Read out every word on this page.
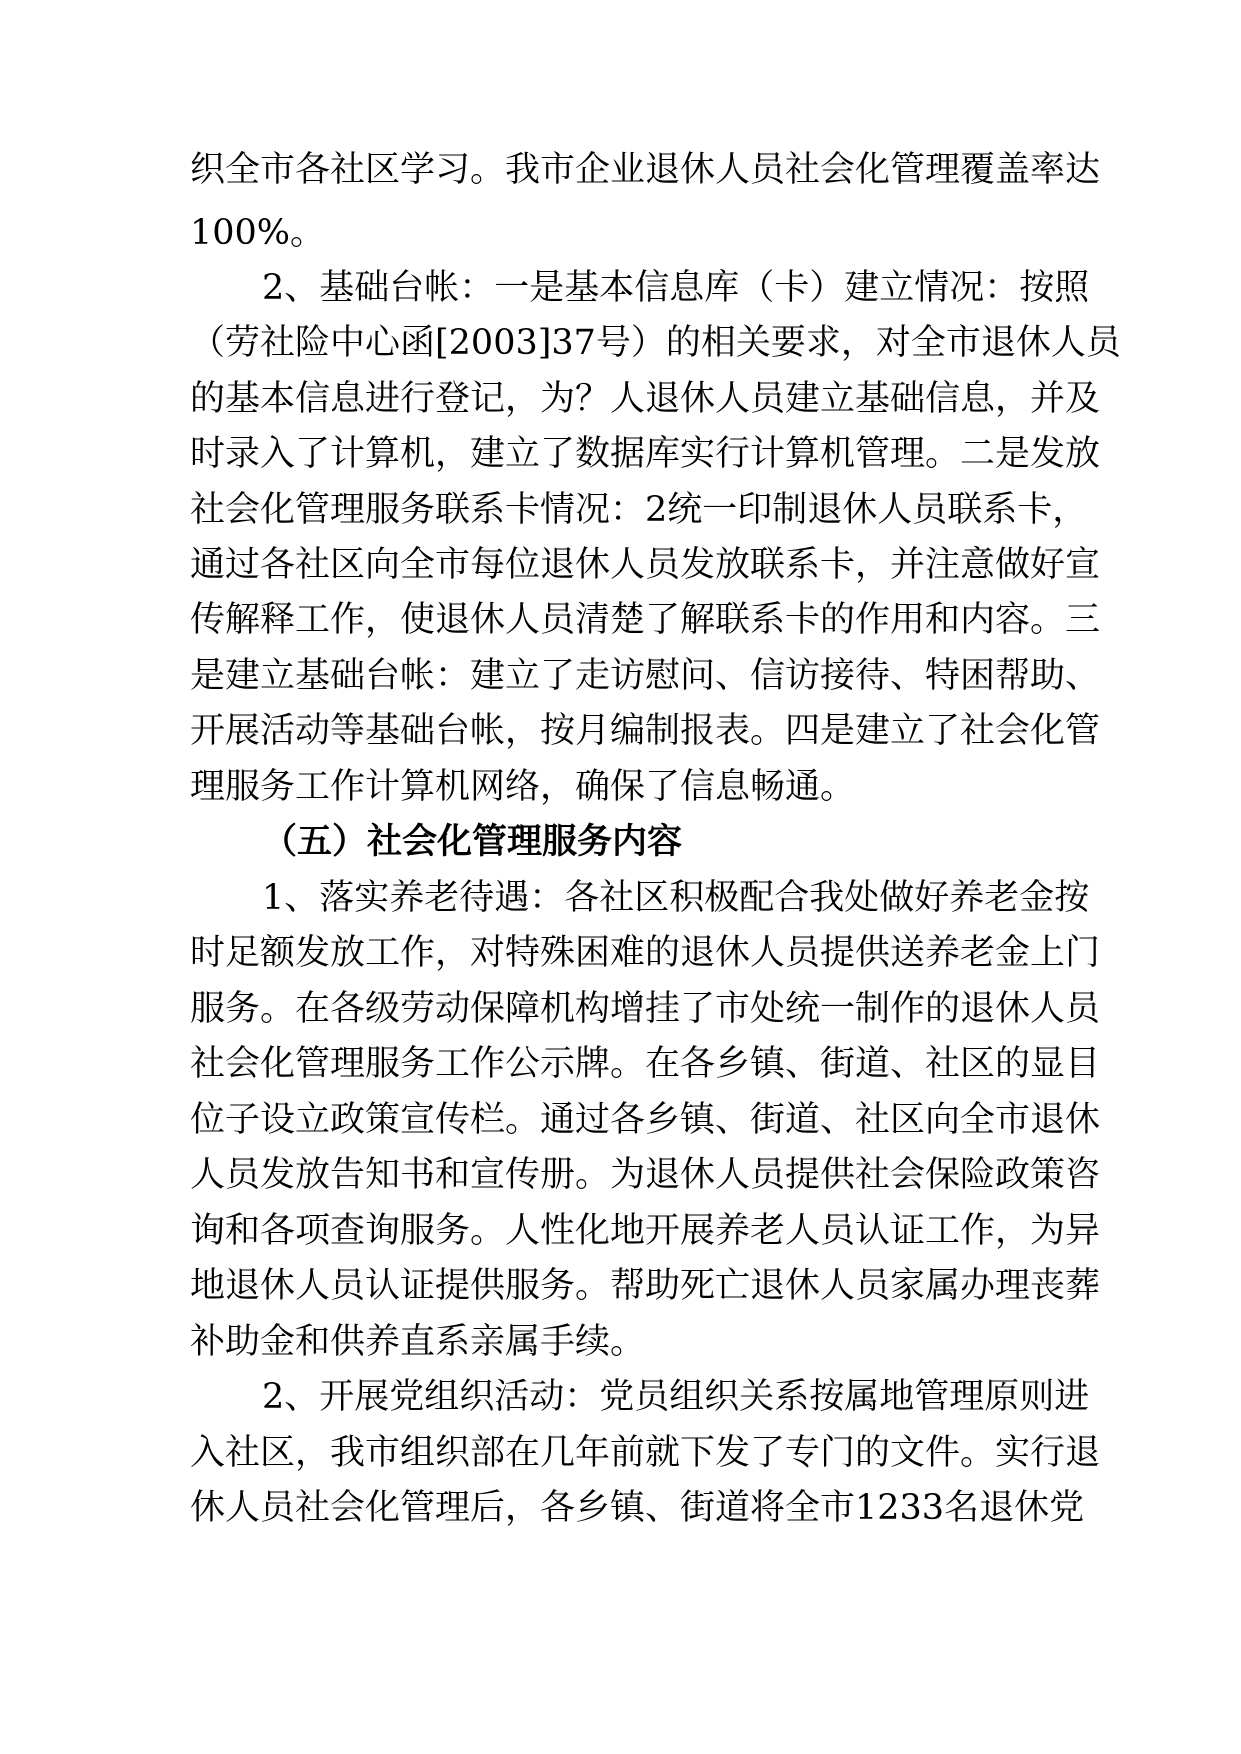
织全市各社区学习。我市企业退休人员社会化管理覆盖率达
100%。
2、基础台帐：一是基本信息库（卡）建立情况：按照
（劳社险中心函[2003]37号）的相关要求，对全市退休人员
的基本信息进行登记，为？人退休人员建立基础信息，并及
时录入了计算机，建立了数据库实行计算机管理。二是发放
社会化管理服务联系卡情况：2统一印制退休人员联系卡，
通过各社区向全市每位退休人员发放联系卡，并注意做好宣
传解释工作，使退休人员清楚了解联系卡的作用和内容。三
是建立基础台帐：建立了走访慰问、信访接待、特困帮助、
开展活动等基础台帐，按月编制报表。四是建立了社会化管
理服务工作计算机网络，确保了信息畅通。
（五）社会化管理服务内容
1、落实养老待遇：各社区积极配合我处做好养老金按
时足额发放工作，对特殊困难的退休人员提供送养老金上门
服务。在各级劳动保障机构增挂了市处统一制作的退休人员
社会化管理服务工作公示牌。在各乡镇、街道、社区的显目
位子设立政策宣传栏。通过各乡镇、街道、社区向全市退休
人员发放告知书和宣传册。为退休人员提供社会保险政策咨
询和各项查询服务。人性化地开展养老人员认证工作，为异
地退休人员认证提供服务。帮助死亡退休人员家属办理丧葬
补助金和供养直系亲属手续。
2、开展党组织活动：党员组织关系按属地管理原则进
入社区，我市组织部在几年前就下发了专门的文件。实行退
休人员社会化管理后，各乡镇、街道将全市1233名退休党
